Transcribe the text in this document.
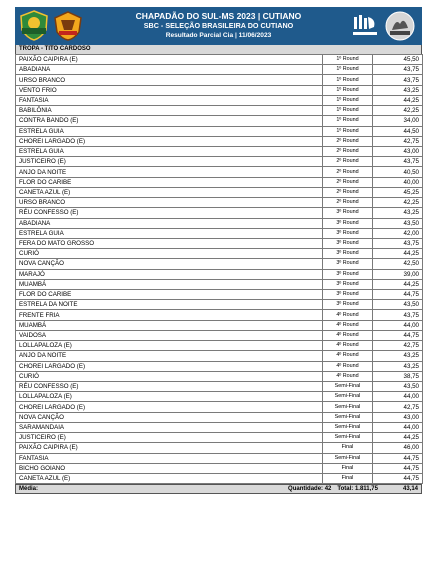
CHAPADÃO DO SUL-MS 2023 | CUTIANO
SBC - SELEÇÃO BRASILEIRA DO CUTIANO
Resultado Parcial Cia | 11/06/2023
TROPA - TITO CARDOSO
PAIXÃO CAIPIRA (E)	1º Round	45,50
ABADIANA	1º Round	43,75
URSO BRANCO	1º Round	43,75
VENTO FRIO	1º Round	43,25
FANTASIA	1º Round	44,25
BABILÔNIA	1º Round	42,25
CONTRA BANDO (E)	1º Round	34,00
ESTRELA GUIA	1º Round	44,50
CHOREI LARGADO (E)	2º Round	42,75
ESTRELA GUIA	2º Round	43,00
JUSTICEIRO (E)	2º Round	43,75
ANJO DA NOITE	2º Round	40,50
FLOR DO CARIBE	2º Round	40,00
CANETA AZUL (E)	2º Round	45,25
URSO BRANCO	2º Round	42,25
RÉU CONFESSO (E)	3º Round	43,25
ABADIANA	3º Round	43,50
ESTRELA GUIA	3º Round	42,00
FERA DO MATO GROSSO	3º Round	43,75
CURIÓ	3º Round	44,25
NOVA CANÇÃO	3º Round	42,50
MARAJÓ	3º Round	39,00
MUAMBÁ	3º Round	44,25
FLOR DO CARIBE	3º Round	44,75
ESTRELA DA NOITE	3º Round	43,50
FRENTE FRIA	4º Round	43,75
MUAMBÁ	4º Round	44,00
VAIDOSA	4º Round	44,75
LOLLAPALOZA (E)	4º Round	42,75
ANJO DA NOITE	4º Round	43,25
CHOREI LARGADO (E)	4º Round	43,25
CURIÓ	4º Round	38,75
RÉU CONFESSO (E)	Semi-Final	43,50
LOLLAPALOZA (E)	Semi-Final	44,00
CHOREI LARGADO (E)	Semi-Final	42,75
NOVA CANÇÃO	Semi-Final	43,00
SARAMANDAIA	Semi-Final	44,00
JUSTICEIRO (E)	Semi-Final	44,25
PAIXÃO CAIPIRA (E)	Final	46,00
FANTASIA	Semi-Final	44,75
BICHO GOIANO	Final	44,75
CANETA AZUL (E)	Final	44,75
Média:	Quantidade: 42	Total: 1.811,75	43,14
